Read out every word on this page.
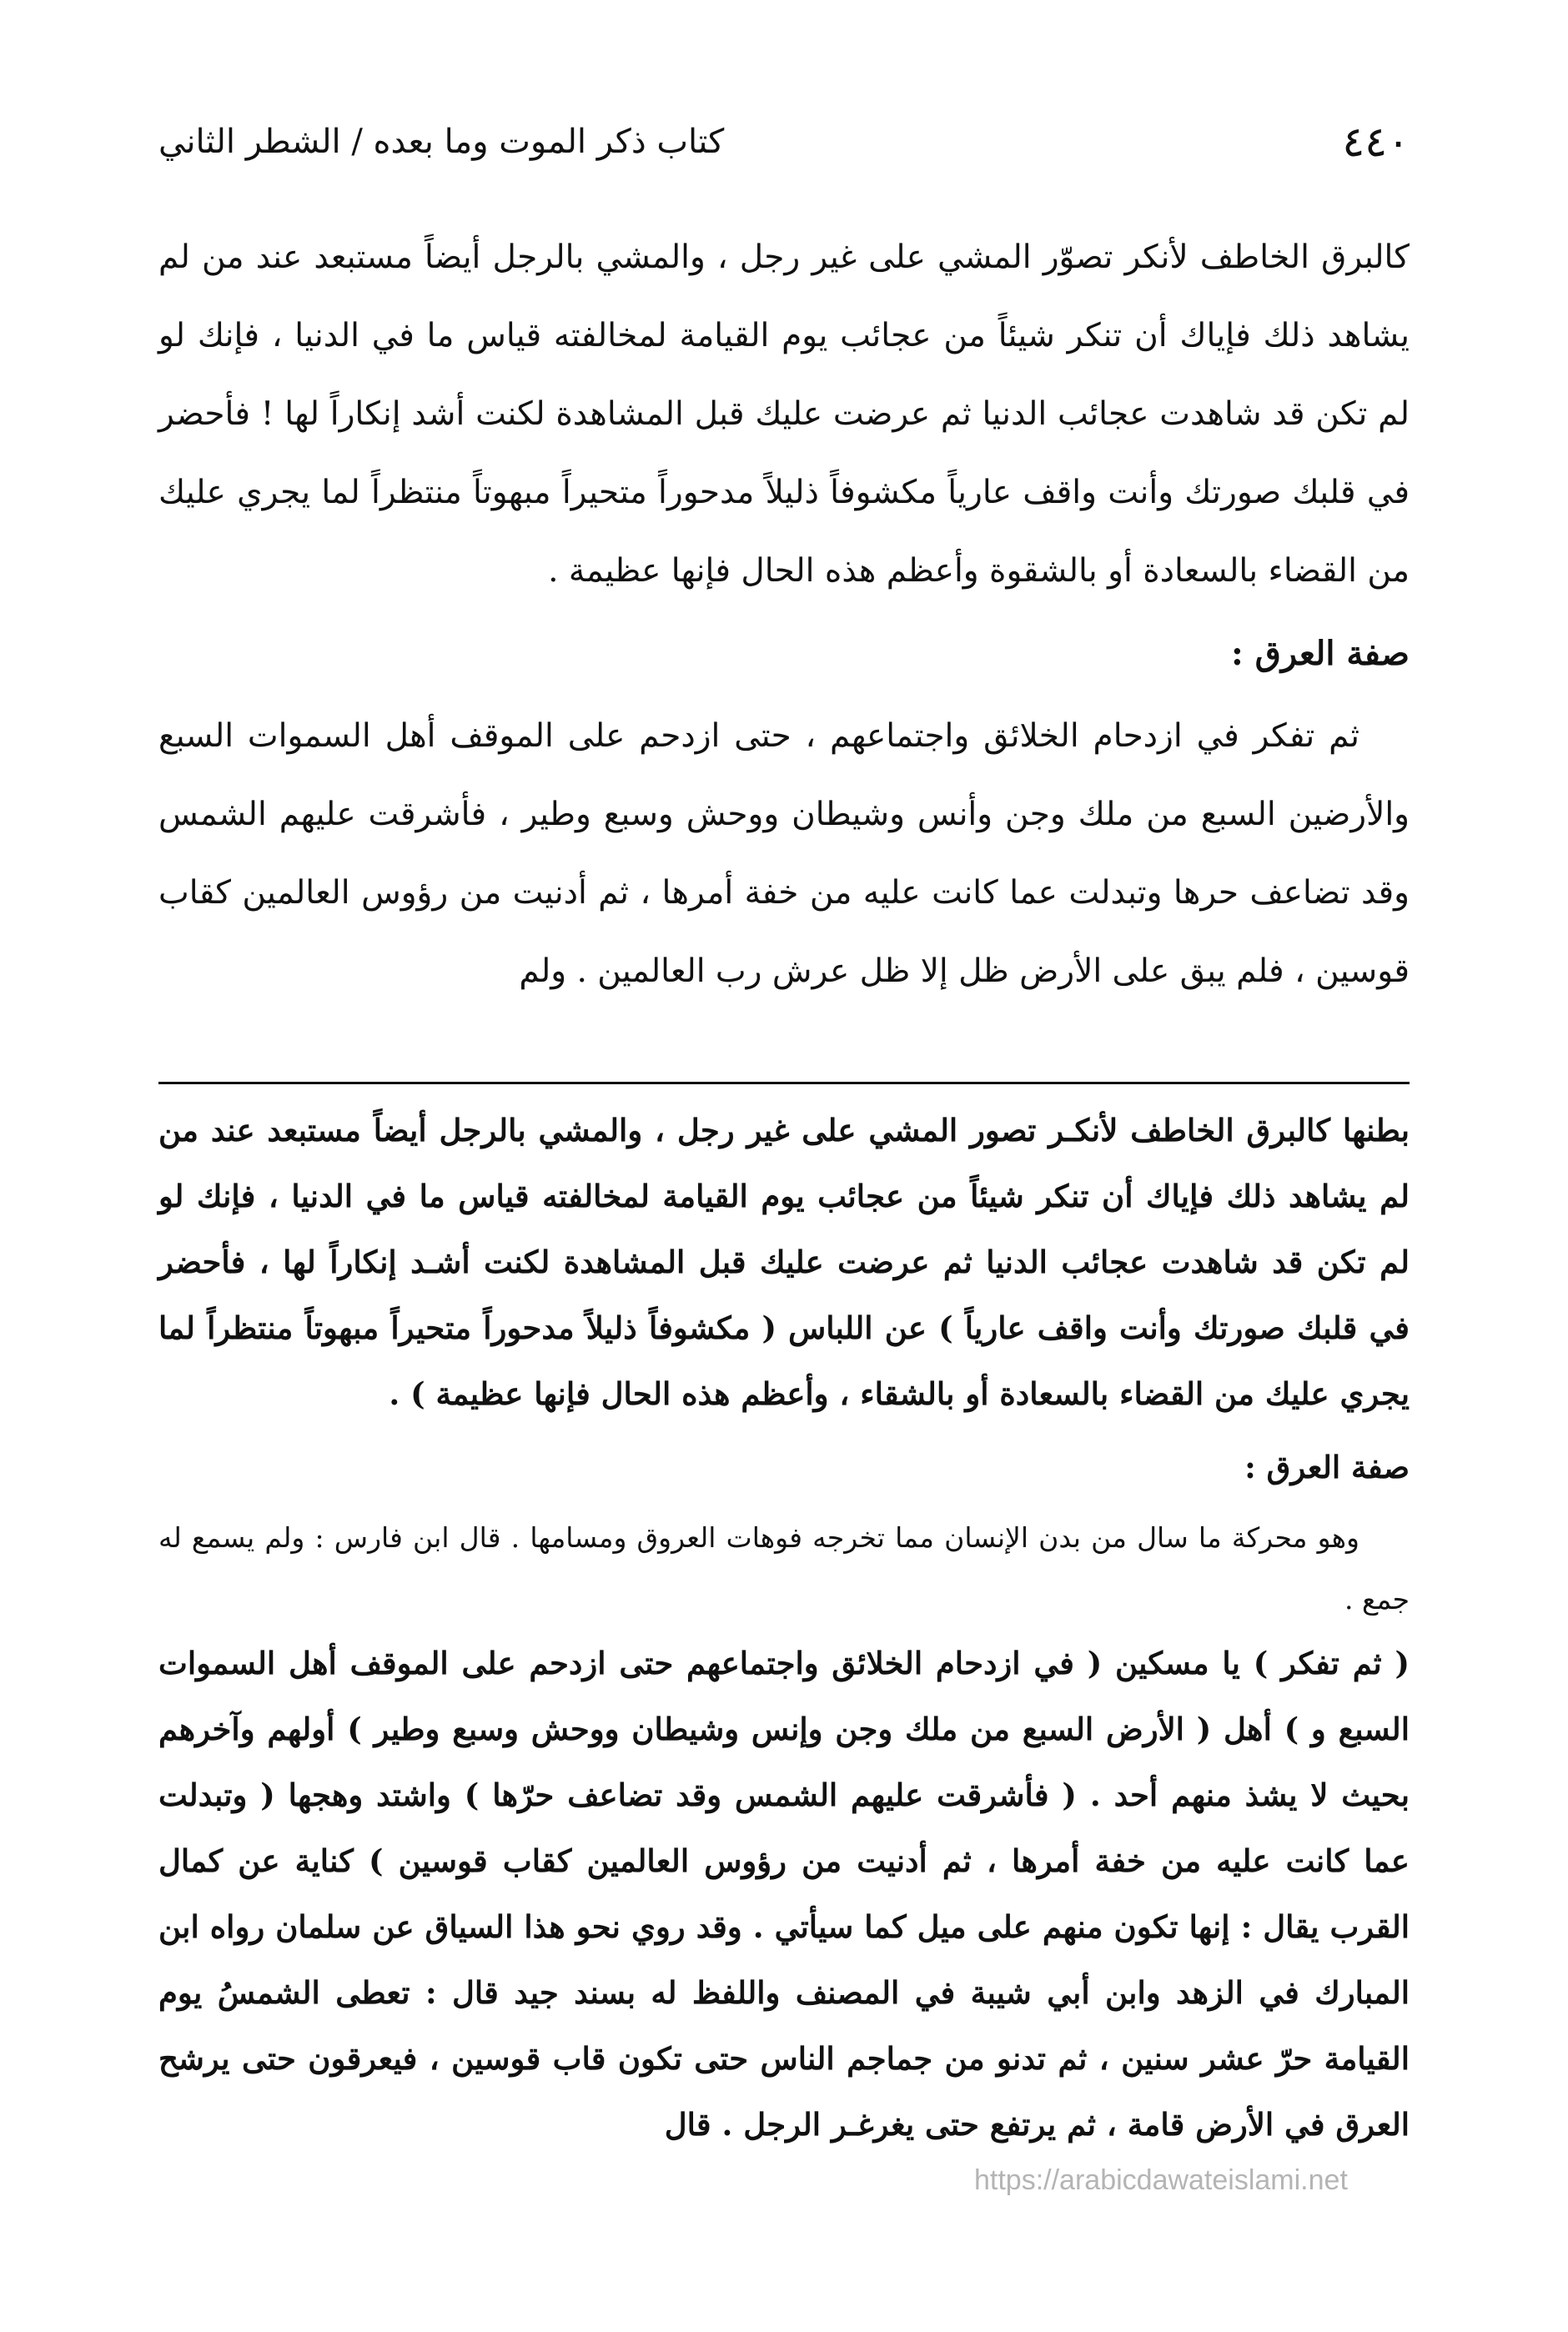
٤٤٠
كتاب ذكر الموت وما بعده / الشطر الثاني

كالبرق الخاطف لأنكر تصوّر المشي على غير رجل ، والمشي بالرجل أيضاً مستبعد عند من لم يشاهد ذلك فإياك أن تنكر شيئاً من عجائب يوم القيامة لمخالفته قياس ما في الدنيا ، فإنك لو لم تكن قد شاهدت عجائب الدنيا ثم عرضت عليك قبل المشاهدة لكنت أشد إنكاراً لها ! فأحضر في قلبك صورتك وأنت واقف عارياً مكشوفاً ذليلاً مدحوراً متحيراً مبهوتاً منتظراً لما يجري عليك من القضاء بالسعادة أو بالشقوة وأعظم هذه الحال فإنها عظيمة .

صفة العرق :

ثم تفكر في ازدحام الخلائق واجتماعهم ، حتى ازدحم على الموقف أهل السموات السبع والأرضين السبع من ملك وجن وأنس وشيطان ووحش وسبع وطير ، فأشرقت عليهم الشمس وقد تضاعف حرها وتبدلت عما كانت عليه من خفة أمرها ، ثم أدنيت من رؤوس العالمين كقاب قوسين ، فلم يبق على الأرض ظل إلا ظل عرش رب العالمين . ولم

بطنها كالبرق الخاطف لأنكـر تصور المشي على غير رجل ، والمشي بالرجل أيضاً مستبعد عند من لم يشاهد ذلك فإياك أن تنكر شيئاً من عجائب يوم القيامة لمخالفته قياس ما في الدنيا ، فإنك لو لم تكن قد شاهدت عجائب الدنيا ثم عرضت عليك قبل المشاهدة لكنت أشـد إنكاراً لها ، فأحضر في قلبك صورتك وأنت واقف عارياً ) عن اللباس ( مكشوفاً ذليلاً مدحوراً متحيراً مبهوتاً منتظراً لما يجري عليك من القضاء بالسعادة أو بالشقاء ، وأعظم هذه الحال فإنها عظيمة ) .

صفة العرق :

وهو محركة ما سال من بدن الإنسان مما تخرجه فوهات العروق ومسامها . قال ابن فارس : ولم يسمع له جمع .

( ثم تفكر ) يا مسكين ( في ازدحام الخلائق واجتماعهم حتى ازدحم على الموقف أهل السموات السبع و ) أهل ( الأرض السبع من ملك وجن وإنس وشيطان ووحش وسبع وطير ) أولهم وآخرهم بحيث لا يشذ منهم أحد . ( فأشرقت عليهم الشمس وقد تضاعف حرّها ) واشتد وهجها ( وتبدلت عما كانت عليه من خفة أمرها ، ثم أدنيت من رؤوس العالمين كقاب قوسين ) كناية عن كمال القرب يقال : إنها تكون منهم على ميل كما سيأتي . وقد روي نحو هذا السياق عن سلمان رواه ابن المبارك في الزهد وابن أبي شيبة في المصنف واللفظ له بسند جيد قال : تعطى الشمسُ يوم القيامة حرّ عشر سنين ، ثم تدنو من جماجم الناس حتى تكون قاب قوسين ، فيعرقون حتى يرشح العرق في الأرض قامة ، ثم يرتفع حتى يغرغـر الرجل . قال

https://arabicdawateislami.net
